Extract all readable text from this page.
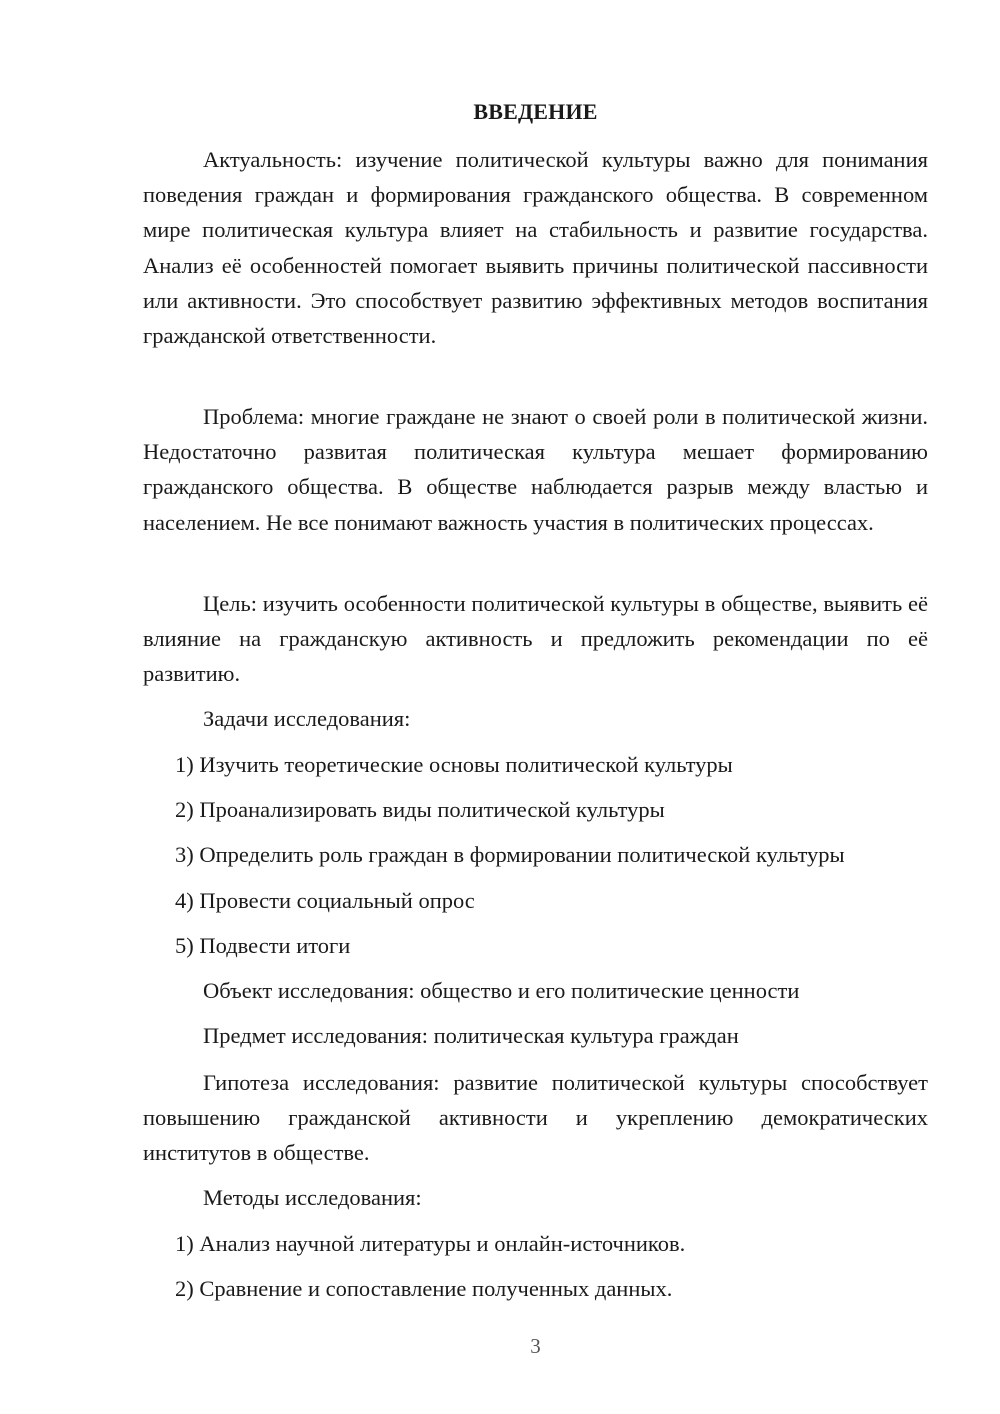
ВВЕДЕНИЕ

Актуальность: изучение политической культуры важно для понимания поведения граждан и формирования гражданского общества. В современном мире политическая культура влияет на стабильность и развитие государства. Анализ её особенностей помогает выявить причины политической пассивности или активности. Это способствует развитию эффективных методов воспитания гражданской ответственности.

Проблема: многие граждане не знают о своей роли в политической жизни. Недостаточно развитая политическая культура мешает формированию гражданского общества. В обществе наблюдается разрыв между властью и населением. Не все понимают важность участия в политических процессах.

Цель: изучить особенности политической культуры в обществе, выявить её влияние на гражданскую активность и предложить рекомендации по её развитию.

Задачи исследования:
1) Изучить теоретические основы политической культуры
2) Проанализировать виды политической культуры
3) Определить роль граждан в формировании политической культуры
4) Провести социальный опрос
5) Подвести итоги
Объект исследования: общество и его политические ценности
Предмет исследования: политическая культура граждан

Гипотеза исследования: развитие политической культуры способствует повышению гражданской активности и укреплению демократических институтов в обществе.

Методы исследования:
1) Анализ научной литературы и онлайн-источников.
2) Сравнение и сопоставление полученных данных.
3
